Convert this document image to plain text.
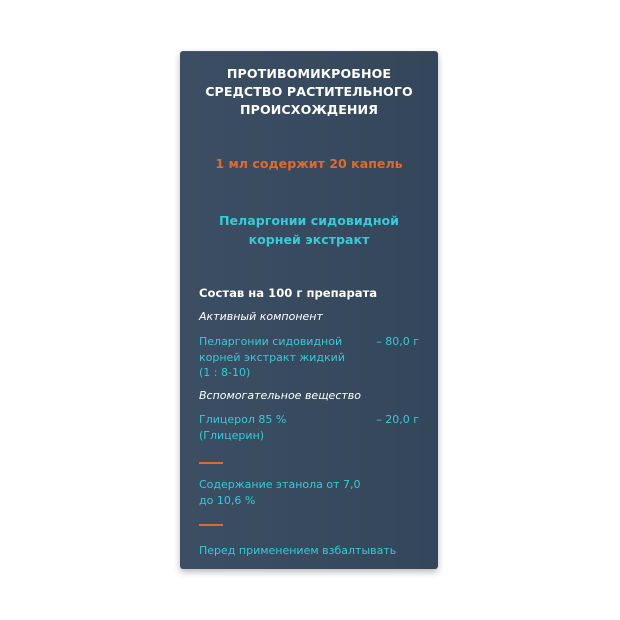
ПРОТИВОМИКРОБНОЕ
СРЕДСТВО РАСТИТЕЛЬНОГО
ПРОИСХОЖДЕНИЯ
1 мл содержит 20 капель
Пеларгонии сидовидной
корней экстракт
Состав на 100 г препарата
Активный компонент
Пеларгонии сидовидной
корней экстракт жидкий
(1 : 8-10)
– 80,0 г
Вспомогательное вещество
Глицерол 85 %
(Глицерин)
– 20,0 г
Содержание этанола от 7,0
до 10,6 %
Перед применением взбалтывать
